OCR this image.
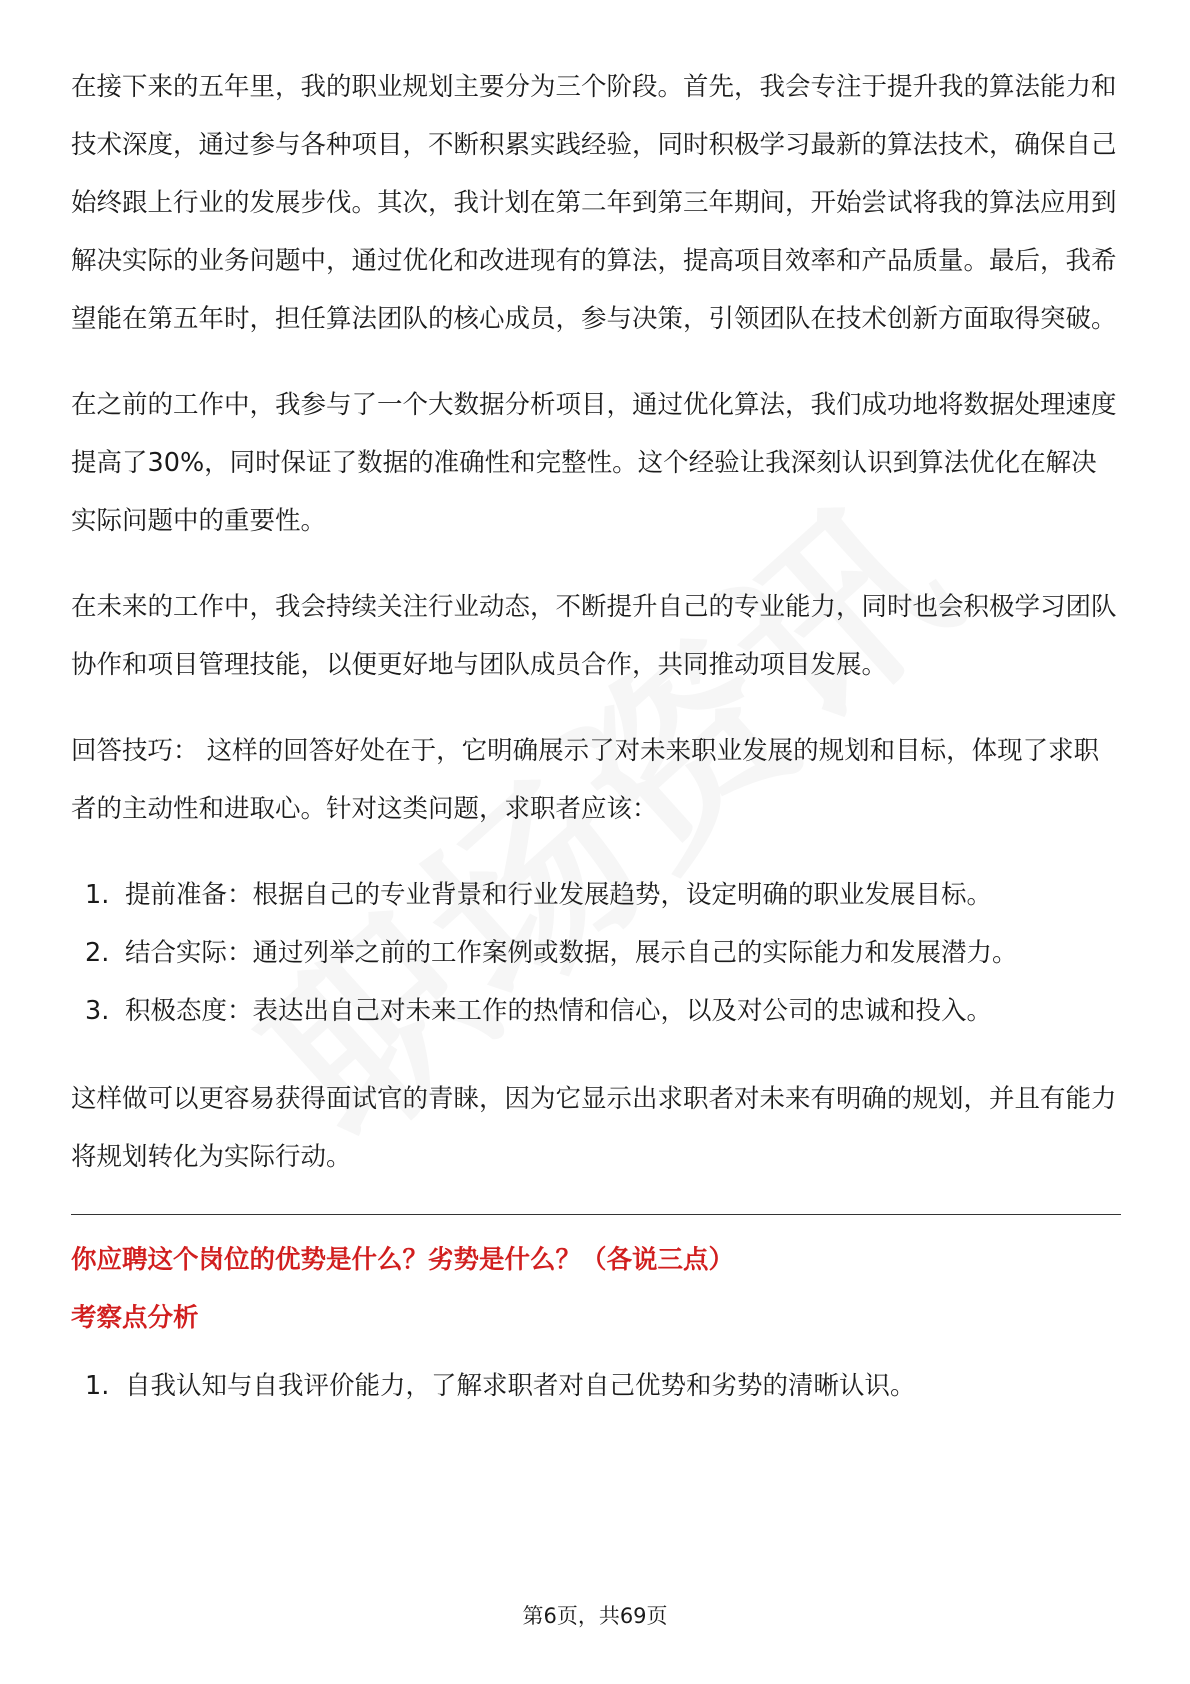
在接下来的五年里，我的职业规划主要分为三个阶段。首先，我会专注于提升我的算法能力和技术深度，通过参与各种项目，不断积累实践经验，同时积极学习最新的算法技术，确保自己始终跟上行业的发展步伐。其次，我计划在第二年到第三年期间，开始尝试将我的算法应用到解决实际的业务问题中，通过优化和改进现有的算法，提高项目效率和产品质量。最后，我希望能在第五年时，担任算法团队的核心成员，参与决策，引领团队在技术创新方面取得突破。

在之前的工作中，我参与了一个大数据分析项目，通过优化算法，我们成功地将数据处理速度提高了30%，同时保证了数据的准确性和完整性。这个经验让我深刻认识到算法优化在解决实际问题中的重要性。

在未来的工作中，我会持续关注行业动态，不断提升自己的专业能力，同时也会积极学习团队协作和项目管理技能，以便更好地与团队成员合作，共同推动项目发展。

回答技巧： 这样的回答好处在于，它明确展示了对未来职业发展的规划和目标，体现了求职者的主动性和进取心。针对这类问题，求职者应该：

1. 提前准备：根据自己的专业背景和行业发展趋势，设定明确的职业发展目标。
2. 结合实际：通过列举之前的工作案例或数据，展示自己的实际能力和发展潜力。
3. 积极态度：表达出自己对未来工作的热情和信心，以及对公司的忠诚和投入。

这样做可以更容易获得面试官的青睐，因为它显示出求职者对未来有明确的规划，并且有能力将规划转化为实际行动。

你应聘这个岗位的优势是什么？劣势是什么？（各说三点）
考察点分析
1. 自我认知与自我评价能力，了解求职者对自己优势和劣势的清晰认识。
第6页，共69页
